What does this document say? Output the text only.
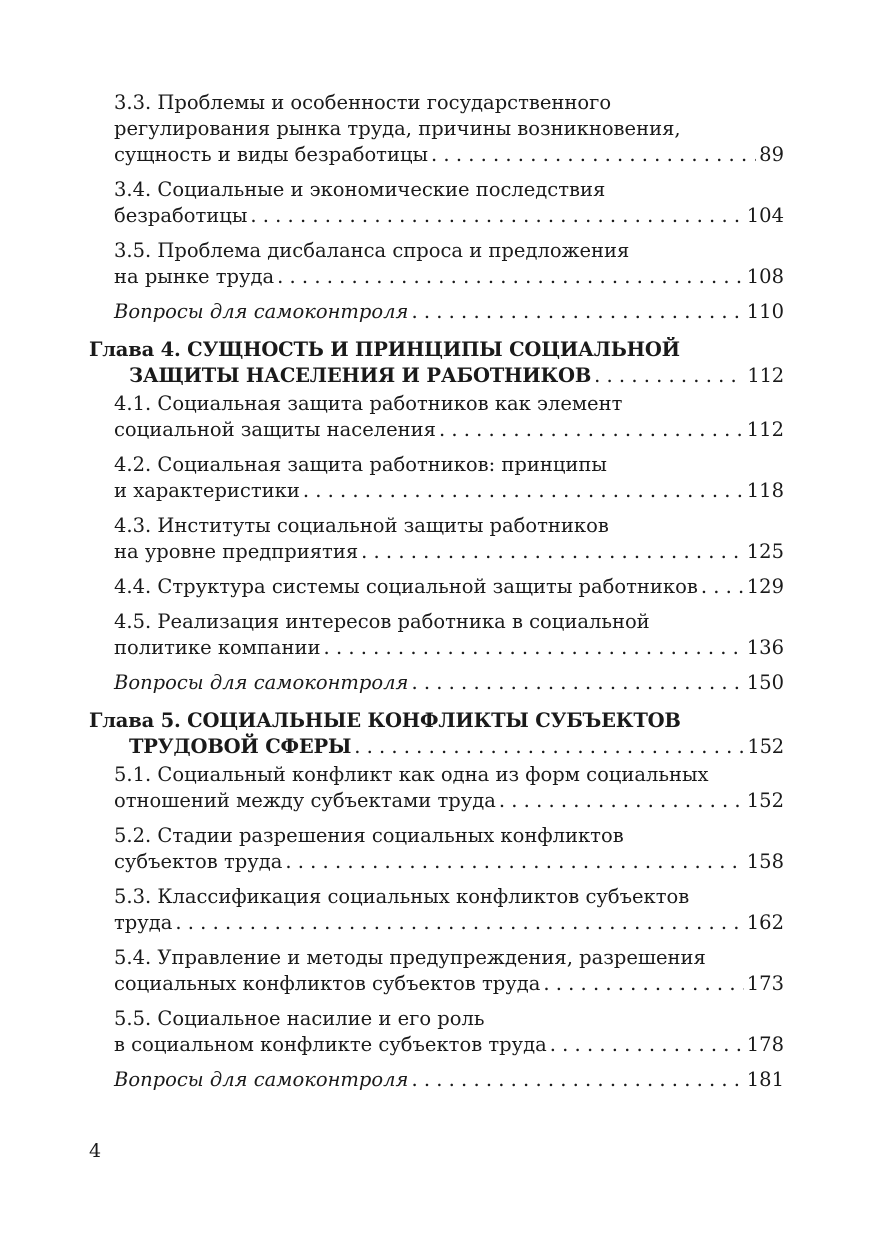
3.3. Проблемы и особенности государственного
регулирования рынка труда, причины возникновения,
сущность и виды безработицы . . .	89
3.4. Социальные и экономические последствия
безработицы . . .	104
3.5. Проблема дисбаланса спроса и предложения
на рынке труда . . .	108
Вопросы для самоконтроля . . .	110
Глава 4. СУЩНОСТЬ И ПРИНЦИПЫ СОЦИАЛЬНОЙ
ЗАЩИТЫ НАСЕЛЕНИЯ И РАБОТНИКОВ . . .	112
4.1. Социальная защита работников как элемент
социальной защиты населения . . .	112
4.2. Социальная защита работников: принципы
и характеристики . . .	118
4.3. Институты социальной защиты работников
на уровне предприятия . . .	125
4.4. Структура системы социальной защиты работников . . .	129
4.5. Реализация интересов работника в социальной
политике компании . . .	136
Вопросы для самоконтроля . . .	150
Глава 5. СОЦИАЛЬНЫЕ КОНФЛИКТЫ СУБЪЕКТОВ
ТРУДОВОЙ СФЕРЫ . . .	152
5.1. Социальный конфликт как одна из форм социальных
отношений между субъектами труда . . .	152
5.2. Стадии разрешения социальных конфликтов
субъектов труда . . .	158
5.3. Классификация социальных конфликтов субъектов
труда . . .	162
5.4. Управление и методы предупреждения, разрешения
социальных конфликтов субъектов труда . . .	173
5.5. Социальное насилие и его роль
в социальном конфликте субъектов труда . . .	178
Вопросы для самоконтроля . . .	181
4
